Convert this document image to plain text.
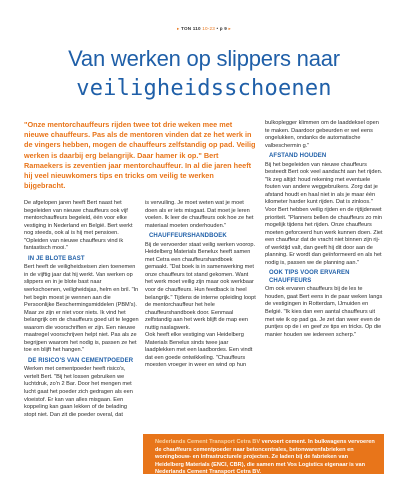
▸ TON 110 10-23 • p 9 ▸
Van werken op slippers naar
veiligheidsschoenen
"Onze mentorchauffeurs rijden twee tot drie weken mee met nieuwe chauffeurs. Pas als de mentoren vinden dat ze het werk in de vingers hebben, mogen de chauffeurs zelfstandig op pad. Veilig werken is daarbij erg belangrijk. Daar hamer ik op." Bert Ramaekers is zeventien jaar mentorchauffeur. In al die jaren heeft hij veel nieuwkomers tips en tricks om veilig te werken bijgebracht.

De afgelopen jaren heeft Bert naast het begeleiden van nieuwe chauffeurs ook vijf mentorchauffeurs begeleid, één voor elke vestiging in Nederland en België. Bert werkt nog steeds, ook al is hij met pensioen. "Opleiden van nieuwe chauffeurs vind ik fantastisch mooi."

IN JE BLOTE BAST

Bert heeft de veiligheidseisen zien toenemen in de vijftig jaar dat hij werkt. Van werken op slippers en in je blote bast naar werkschoenen, veiligheidsjas, helm en bril. "In het begin moest je wennen aan die Persoonlijke Beschermingsmiddelen (PBM's). Maar ze zijn er niet voor niets. Ik vind het belangrijk om de chauffeurs goed uit te leggen waarom die voorschriften er zijn. Een nieuwe maatregel voorschrijven helpt niet. Pas als ze begrijpen waarom het nodig is, passen ze het toe en blijft het hangen."

DE RISICO'S VAN CEMENTPOEDER

Werken met cementpoeder heeft risico's, vertelt Bert. "Bij het lossen gebruiken we luchtdruk, zo'n 2 Bar. Door het mengen met lucht gaat het poeder zich gedragen als een vloeistof. Er kan van alles misgaan. Een koppeling kan gaan lekken of de belading stopt niet. Dan zit die poeder overal, dat

is vervuiling. Je moet weten wat je moet doen als er iets misgaat. Dat moet je leren voelen. Ik leer de chauffeurs ook hoe ze het materiaal moeten onderhouden."

CHAUFFEURSHANDBOEK

Bij de vervoerder staat veilig werken voorop. Heidelberg Materials Benelux heeft samen met Cetra een chauffeurshandboek gemaakt. "Dat boek is in samenwerking met onze chauffeurs tot stand gekomen. Want het werk moet veilig zijn maar ook werkbaar voor de chauffeurs. Hun feedback is heel belangrijk." Tijdens de interne opleiding loopt de mentorchauffeur het hele chauffeurshandboek door. Eenmaal zelfstandig aan het werk blijft de map een nuttig naslagwerk.

Ook heeft elke vestiging van Heidelberg Materials Benelux sinds twee jaar laadplekken met een laadbordes. Een vindt dat een goede ontwikkeling. "Chauffeurs moesten vroeger in weer en wind op hun

bulkoplegger klimmen om de laaddeksel open te maken. Daardoor gebeurden er wel eens ongelukken, ondanks de automatische valbeschermin g."

AFSTAND HOUDEN

Bij het begeleiden van nieuwe chauffeurs besteedt Bert ook veel aandacht aan het rijden. "Ik zeg altijd: houd rekening met eventuele fouten van andere weggebruikers. Zorg dat je afstand houdt en haal niet in als je maar één kilometer harder kunt rijden. Dat is zinloos." Voor Bert hebben veilig rijden en de rijtijdenwet prioriteit. "Planners bellen de chauffeurs zo min mogelijk tijdens het rijden. Onze chauffeurs moeten geforceerd hun werk kunnen doen. Ziet een chauffeur dat de vracht niet binnen zijn rij- of werktijd valt, dan geeft hij dit door aan de planning. Er wordt dan geïnformeerd en als het nodig is, passen we de planning aan."

OOK TIPS VOOR ERVAREN CHAUFFEURS

Om ook ervaren chauffeurs bij de les te houden, gaat Bert eens in de paar weken langs de vestigingen in Rotterdam, IJmuiden en Belgié. "Ik kies dan een aantal chauffeurs uit met wie ik op pad ga. Je zet dan weer even de puntjes op de i en geef ze tips en tricks. Op die manier houden we iedereen scherp."

Nederlands Cement Transport Cetra BV vervoert cement. In bulkwagens vervoeren de chauffeurs cementpoeder naar betoncentrales, betonwarenfabrieken en woningbouw- en infrastructurele projecten. Ze laden bij de fabrieken van Heidelberg Materials (ENCI, CBR), die samen met Vos Logistics eigenaar is van Nederlands Cement Transport Cetra BV.
